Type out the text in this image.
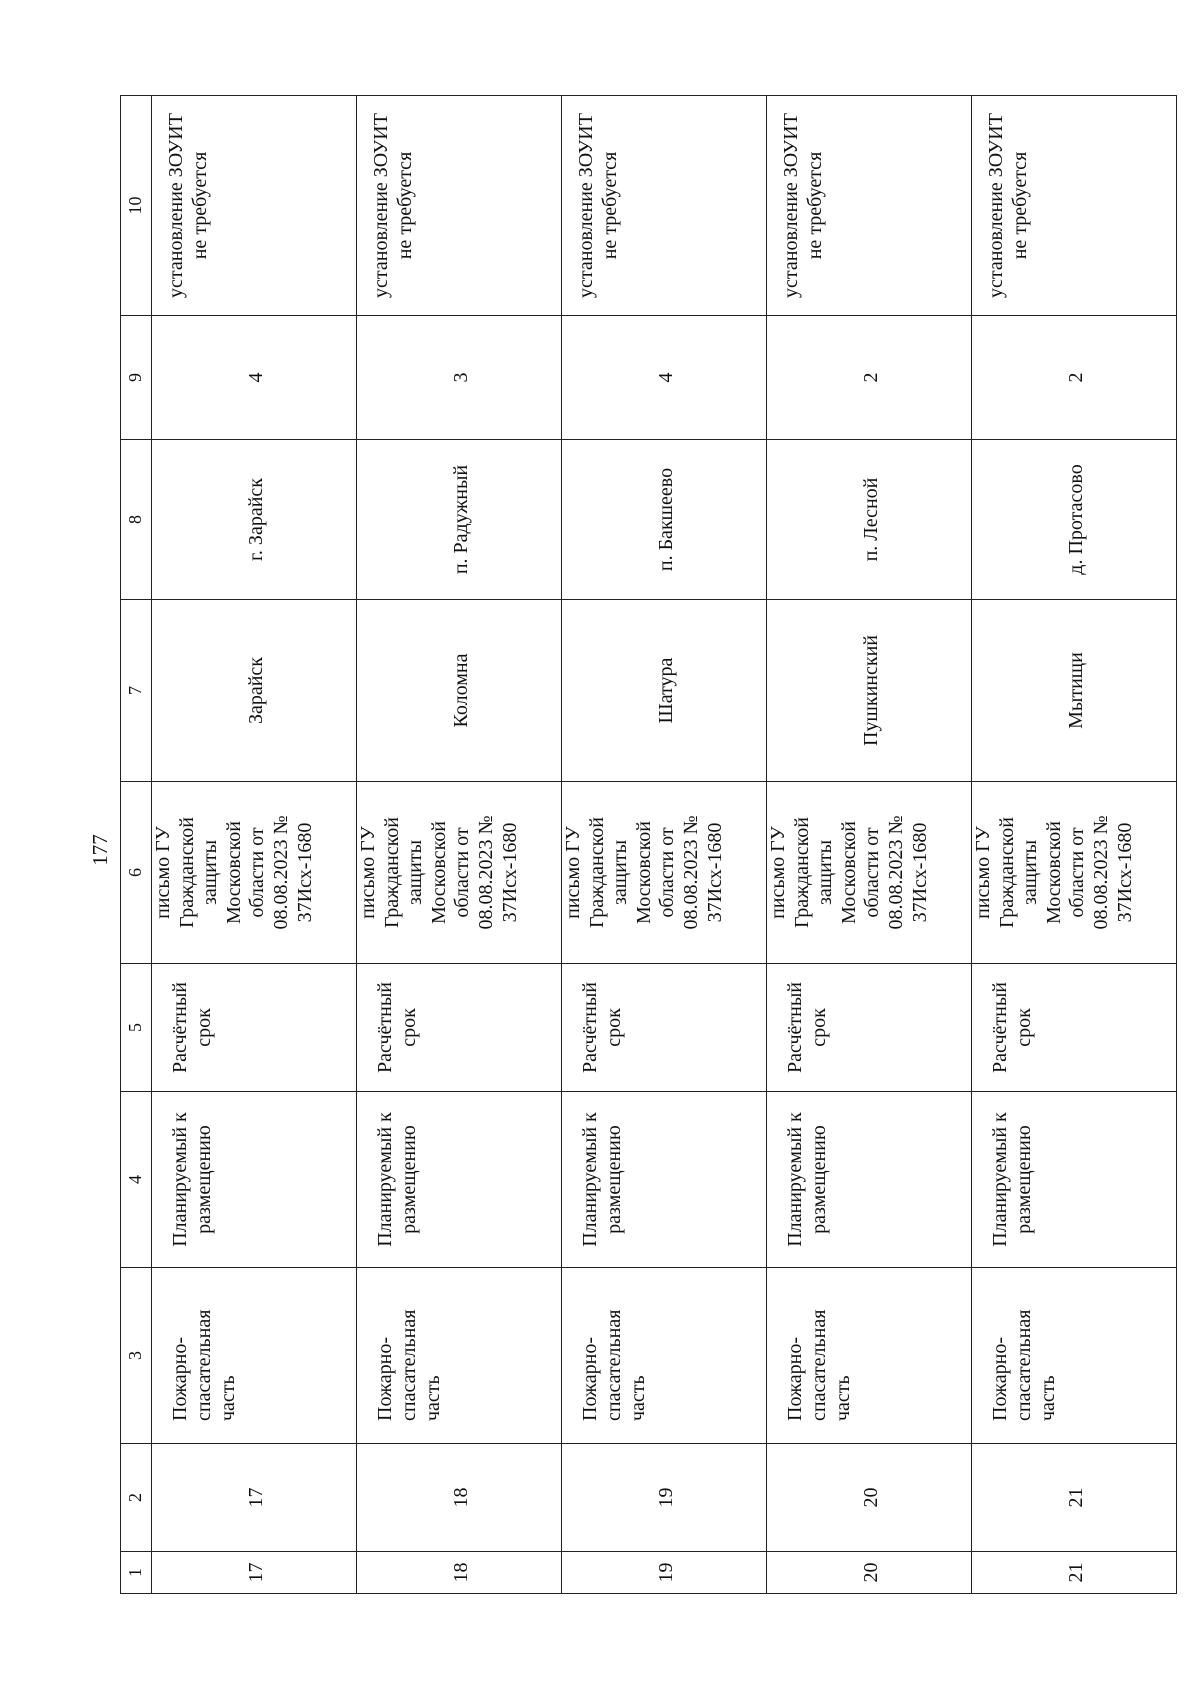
177
1	2	3	4	5	6	7	8	9	10
17	17	Пожарно-спасательная часть	Планируемый к размещению	Расчётный срок	письмо ГУ Гражданской защиты Московской области от 08.08.2023 № 37Исх-1680	Зарайск	г. Зарайск	4	установление ЗОУИТ не требуется
18	18	Пожарно-спасательная часть	Планируемый к размещению	Расчётный срок	письмо ГУ Гражданской защиты Московской области от 08.08.2023 № 37Исх-1680	Коломна	п. Радужный	3	установление ЗОУИТ не требуется
19	19	Пожарно-спасательная часть	Планируемый к размещению	Расчётный срок	письмо ГУ Гражданской защиты Московской области от 08.08.2023 № 37Исх-1680	Шатура	п. Бакшеево	4	установление ЗОУИТ не требуется
20	20	Пожарно-спасательная часть	Планируемый к размещению	Расчётный срок	письмо ГУ Гражданской защиты Московской области от 08.08.2023 № 37Исх-1680	Пушкинский	п. Лесной	2	установление ЗОУИТ не требуется
21	21	Пожарно-спасательная часть	Планируемый к размещению	Расчётный срок	письмо ГУ Гражданской защиты Московской области от 08.08.2023 № 37Исх-1680	Мытищи	д. Протасово	2	установление ЗОУИТ не требуется
